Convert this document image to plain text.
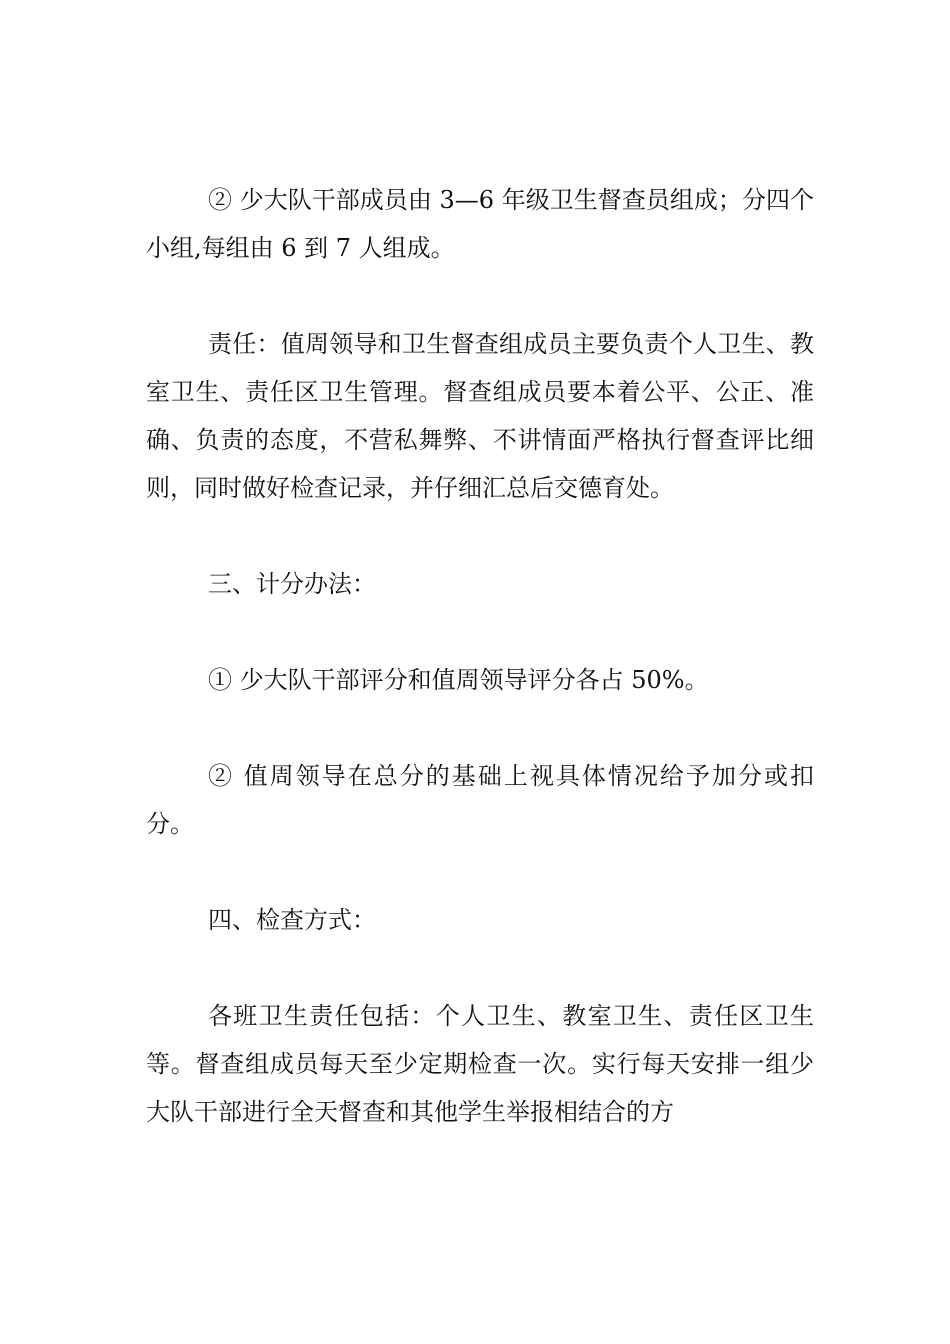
② 少大队干部成员由 3—6 年级卫生督查员组成；分四个小组,每组由 6 到 7 人组成。

责任：值周领导和卫生督查组成员主要负责个人卫生、教室卫生、责任区卫生管理。督查组成员要本着公平、公正、准确、负责的态度，不营私舞弊、不讲情面严格执行督查评比细则，同时做好检查记录，并仔细汇总后交德育处。

三、计分办法：

① 少大队干部评分和值周领导评分各占 50%。

② 值周领导在总分的基础上视具体情况给予加分或扣分。

四、检查方式：

各班卫生责任包括：个人卫生、教室卫生、责任区卫生等。督查组成员每天至少定期检查一次。实行每天安排一组少大队干部进行全天督查和其他学生举报相结合的方
